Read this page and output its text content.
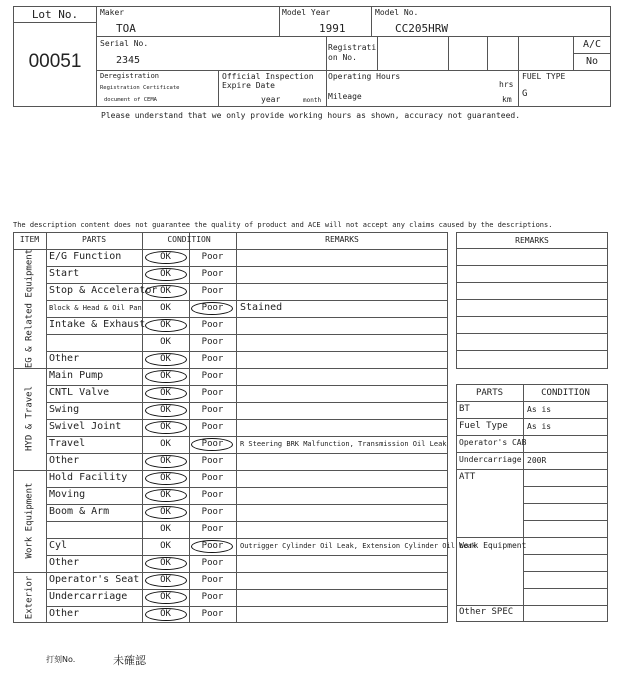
Lot No.
00051
Maker
TOA
Model Year
1991
Model No.
CC205HRW
Serial No.
2345
Registrati
on No.
A/C
No
Deregistration
Registration Certificate
document of CEMA
Official Inspection
Expire Date
year	month
Operating Hours
hrs
Mileage	km
FUEL TYPE
G
Please understand that we only provide working hours as shown, accuracy not guaranteed.
The description content does not guarantee the quality of product and ACE will not accept any claims caused by the descriptions.
ITEM	PARTS	CONDITION	REMARKS
EG & Related Equipment
HYD & Travel
Work Equipment
Exterior
E/G Function	OK	Poor
Start	OK	Poor
Stop & Accelerator OK	Poor
Block & Head & Oil Pan	OK	Poor	Stained
Intake & Exhaust	OK	Poor
OK	Poor
Other	OK	Poor
Main Pump	OK	Poor
CNTL Valve	OK	Poor
Swing	OK	Poor
Swivel Joint	OK	Poor
Travel	OK	Poor	R Steering BRK Malfunction, Transmission Oil Leak
Other	OK	Poor
Hold Facility	OK	Poor
Moving	OK	Poor
Boom & Arm	OK	Poor
OK	Poor
Cyl	OK	Poor	Outrigger Cylinder Oil Leak, Extension Cylinder Oil Leak
Other	OK	Poor
Operator's Seat	OK	Poor
Undercarriage	OK	Poor
Other	OK	Poor
REMARKS
PARTS	CONDITION
BT	As is
Fuel Type As is
Operator's CAB
Undercarriage 200R
ATT
Work Equipment
Other SPEC
打刻No.	未確認
